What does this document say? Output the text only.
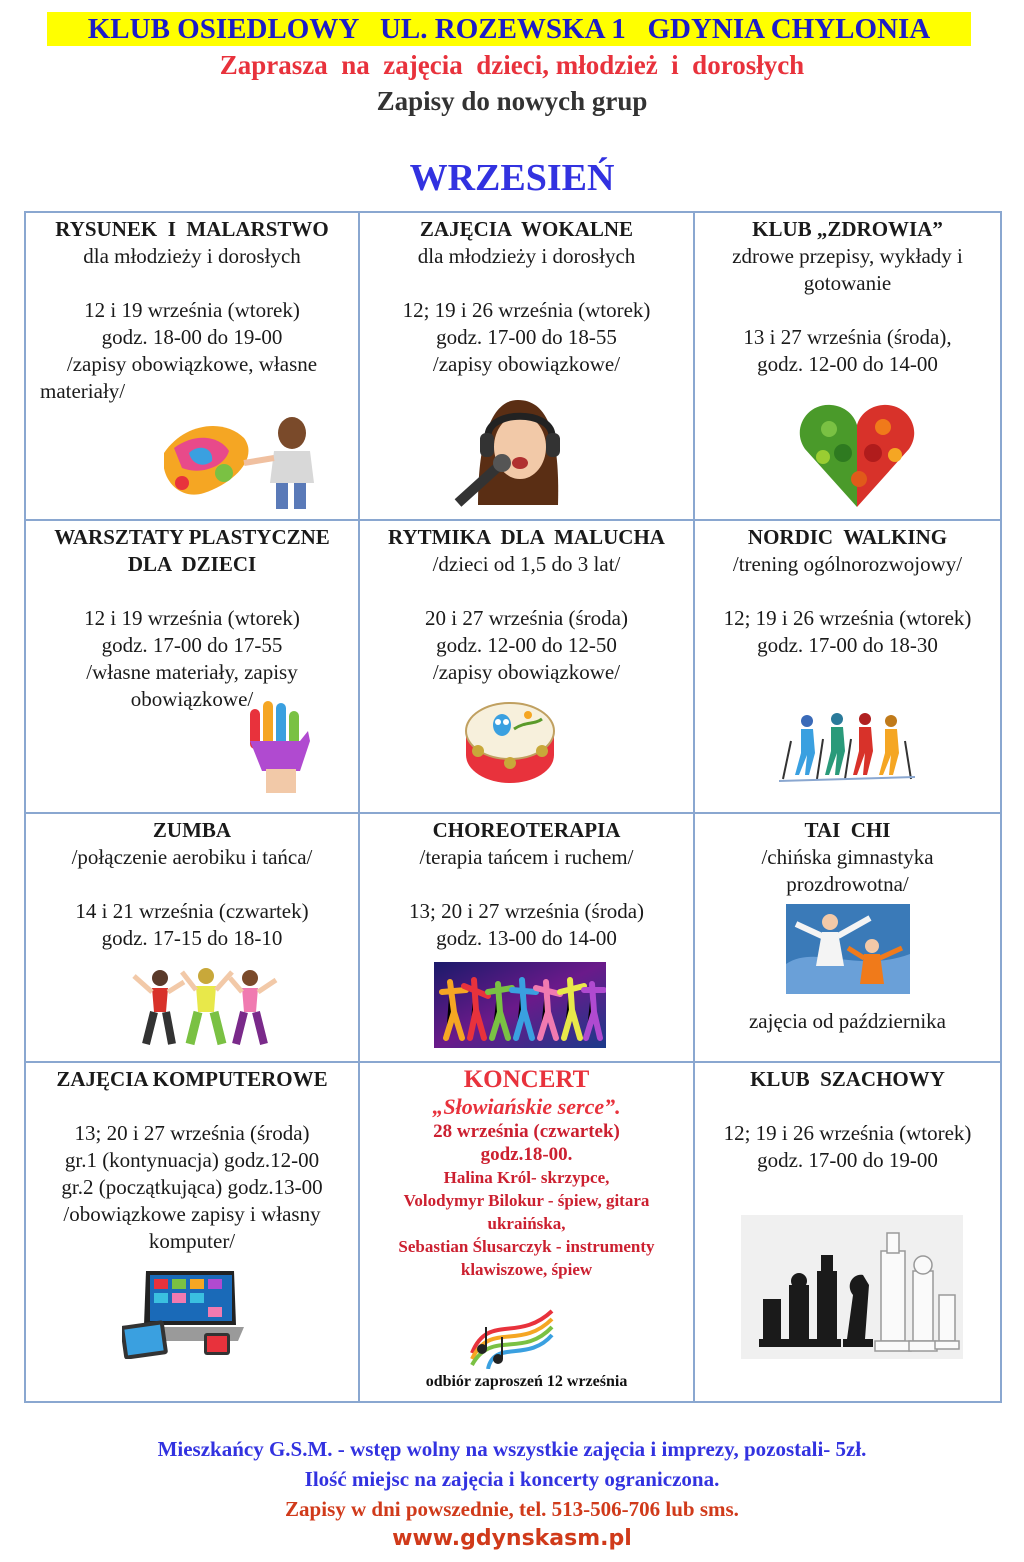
KLUB OSIEDLOWY   UL. ROZEWSKA 1   GDYNIA CHYLONIA
Zaprasza  na  zajęcia  dzieci, młodzież  i  dorosłych
Zapisy do nowych grup
WRZESIEŃ
RYSUNEK  I  MALARSTWO
dla młodzieży i dorosłych
12 i 19 września (wtorek)
godz. 18-00 do 19-00
/zapisy obowiązkowe, własne
materiały/
ZAJĘCIA  WOKALNE
dla młodzieży i dorosłych
12; 19 i 26 września (wtorek)
godz. 17-00 do 18-55
/zapisy obowiązkowe/
KLUB „ZDROWIA”
zdrowe przepisy, wykłady i
gotowanie
13 i 27 września (środa),
godz. 12-00 do 14-00
WARSZTATY PLASTYCZNE
DLA  DZIECI
12 i 19 września (wtorek)
godz. 17-00 do 17-55
/własne materiały, zapisy
obowiązkowe/
RYTMIKA  DLA  MALUCHA
/dzieci od 1,5 do 3 lat/
20 i 27 września (środa)
godz. 12-00 do 12-50
/zapisy obowiązkowe/
NORDIC  WALKING
/trening ogólnorozwojowy/
12; 19 i 26 września (wtorek)
godz. 17-00 do 18-30
ZUMBA
/połączenie aerobiku i tańca/
14 i 21 września (czwartek)
godz. 17-15 do 18-10
CHOREOTERAPIA
/terapia tańcem i ruchem/
13; 20 i 27 września (środa)
godz. 13-00 do 14-00
TAI  CHI
/chińska gimnastyka
prozdrowotna/
zajęcia od października
ZAJĘCIA KOMPUTEROWE
13; 20 i 27 września (środa)
gr.1 (kontynuacja) godz.12-00
gr.2 (początkująca) godz.13-00
/obowiązkowe zapisy i własny
komputer/
KONCERT
„Słowiańskie serce”.
28 września (czwartek)
godz.18-00.
Halina Król- skrzypce,
Volodymyr Bilokur - śpiew, gitara
ukraińska,
Sebastian Ślusarczyk - instrumenty
klawiszowe, śpiew
odbiór zaproszeń 12 września
KLUB  SZACHOWY
12; 19 i 26 września (wtorek)
godz. 17-00 do 19-00
Mieszkańcy G.S.M. - wstęp wolny na wszystkie zajęcia i imprezy, pozostali- 5zł.
Ilość miejsc na zajęcia i koncerty ograniczona.
Zapisy w dni powszednie, tel. 513-506-706 lub sms.
www.gdynskasm.pl
